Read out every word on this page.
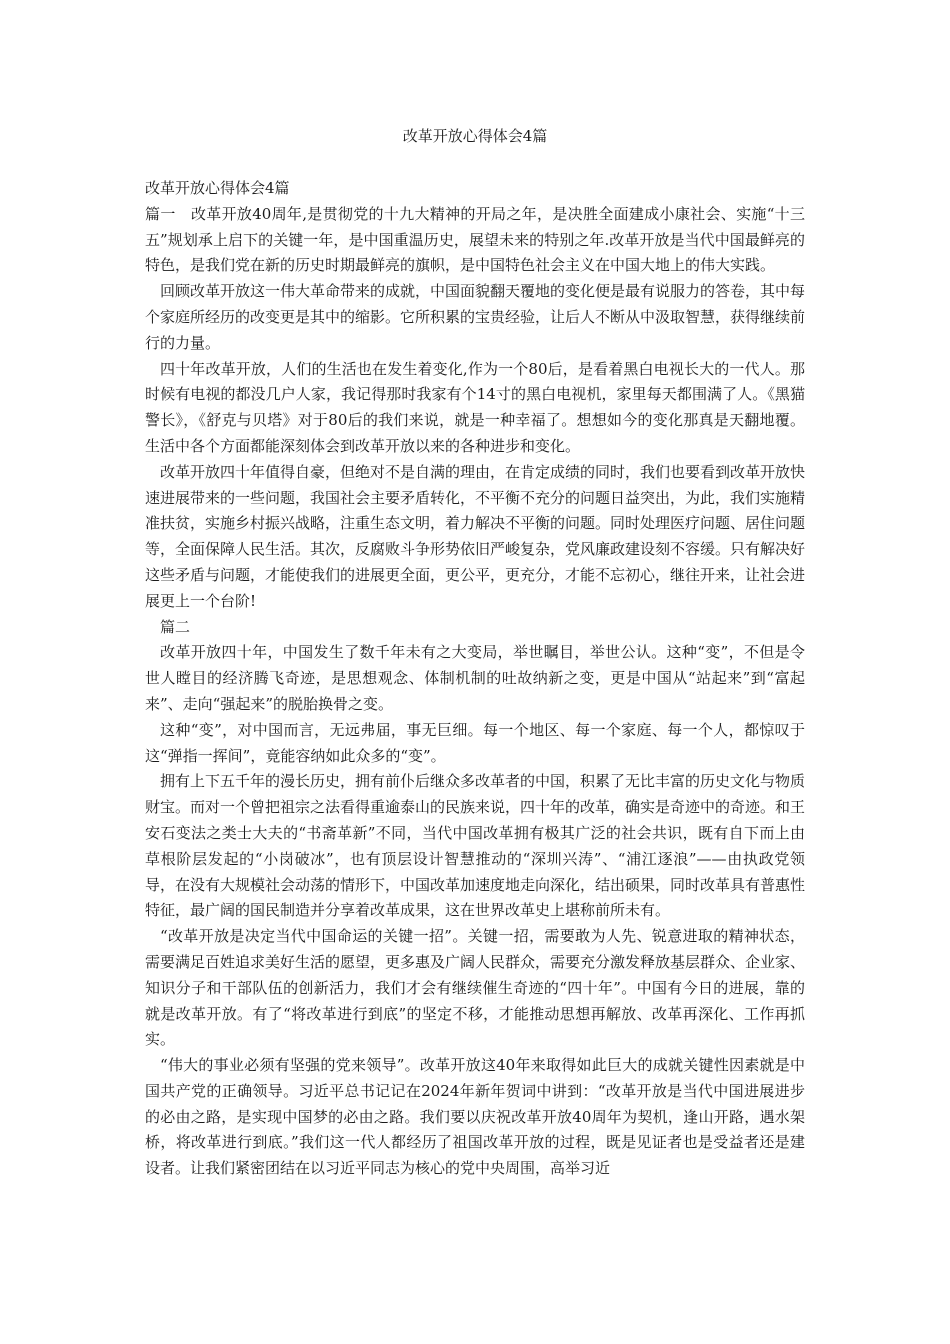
改革开放心得体会4篇

改革开放心得体会4篇

篇一　改革开放40周年,是贯彻党的十九大精神的开局之年，是决胜全面建成小康社会、实施“十三五”规划承上启下的关键一年，是中国重温历史，展望未来的特别之年.改革开放是当代中国最鲜亮的特色，是我们党在新的历史时期最鲜亮的旗帜，是中国特色社会主义在中国大地上的伟大实践。

回顾改革开放这一伟大革命带来的成就，中国面貌翻天覆地的变化便是最有说服力的答卷，其中每个家庭所经历的改变更是其中的缩影。它所积累的宝贵经验，让后人不断从中汲取智慧，获得继续前行的力量。

四十年改革开放，人们的生活也在发生着变化,作为一个80后，是看着黑白电视长大的一代人。那时候有电视的都没几户人家，我记得那时我家有个14寸的黑白电视机，家里每天都围满了人。《黑猫警长》，《舒克与贝塔》对于80后的我们来说，就是一种幸福了。想想如今的变化那真是天翻地覆。生活中各个方面都能深刻体会到改革开放以来的各种进步和变化。

改革开放四十年值得自豪，但绝对不是自满的理由，在肯定成绩的同时，我们也要看到改革开放快速进展带来的一些问题，我国社会主要矛盾转化，不平衡不充分的问题日益突出，为此，我们实施精准扶贫，实施乡村振兴战略，注重生态文明，着力解决不平衡的问题。同时处理医疗问题、居住问题等，全面保障人民生活。其次，反腐败斗争形势依旧严峻复杂，党风廉政建设刻不容缓。只有解决好这些矛盾与问题，才能使我们的进展更全面，更公平，更充分，才能不忘初心，继往开来，让社会进展更上一个台阶!

篇二

改革开放四十年，中国发生了数千年未有之大变局，举世瞩目，举世公认。这种“变”，不但是令世人瞠目的经济腾飞奇迹，是思想观念、体制机制的吐故纳新之变，更是中国从“站起来”到“富起来”、走向“强起来”的脱胎换骨之变。

这种“变”，对中国而言，无远弗届，事无巨细。每一个地区、每一个家庭、每一个人，都惊叹于这“弹指一挥间”，竟能容纳如此众多的“变”。

拥有上下五千年的漫长历史，拥有前仆后继众多改革者的中国，积累了无比丰富的历史文化与物质财宝。而对一个曾把祖宗之法看得重逾泰山的民族来说，四十年的改革，确实是奇迹中的奇迹。和王安石变法之类士大夫的“书斋革新”不同，当代中国改革拥有极其广泛的社会共识，既有自下而上由草根阶层发起的“小岗破冰”，也有顶层设计智慧推动的“深圳兴涛”、“浦江逐浪”——由执政党领导，在没有大规模社会动荡的情形下，中国改革加速度地走向深化，结出硕果，同时改革具有普惠性特征，最广阔的国民制造并分享着改革成果，这在世界改革史上堪称前所未有。

“改革开放是决定当代中国命运的关键一招”。关键一招，需要敢为人先、锐意进取的精神状态，需要满足百姓追求美好生活的愿望，更多惠及广阔人民群众，需要充分激发释放基层群众、企业家、知识分子和干部队伍的创新活力，我们才会有继续催生奇迹的“四十年”。中国有今日的进展，靠的就是改革开放。有了“将改革进行到底”的坚定不移，才能推动思想再解放、改革再深化、工作再抓实。

“伟大的事业必须有坚强的党来领导”。改革开放这40年来取得如此巨大的成就关键性因素就是中国共产党的正确领导。习近平总书记记在2024年新年贺词中讲到：“改革开放是当代中国进展进步的必由之路，是实现中国梦的必由之路。我们要以庆祝改革开放40周年为契机，逢山开路，遇水架桥，将改革进行到底。”我们这一代人都经历了祖国改革开放的过程，既是见证者也是受益者还是建设者。让我们紧密团结在以习近平同志为核心的党中央周围，高举习近
